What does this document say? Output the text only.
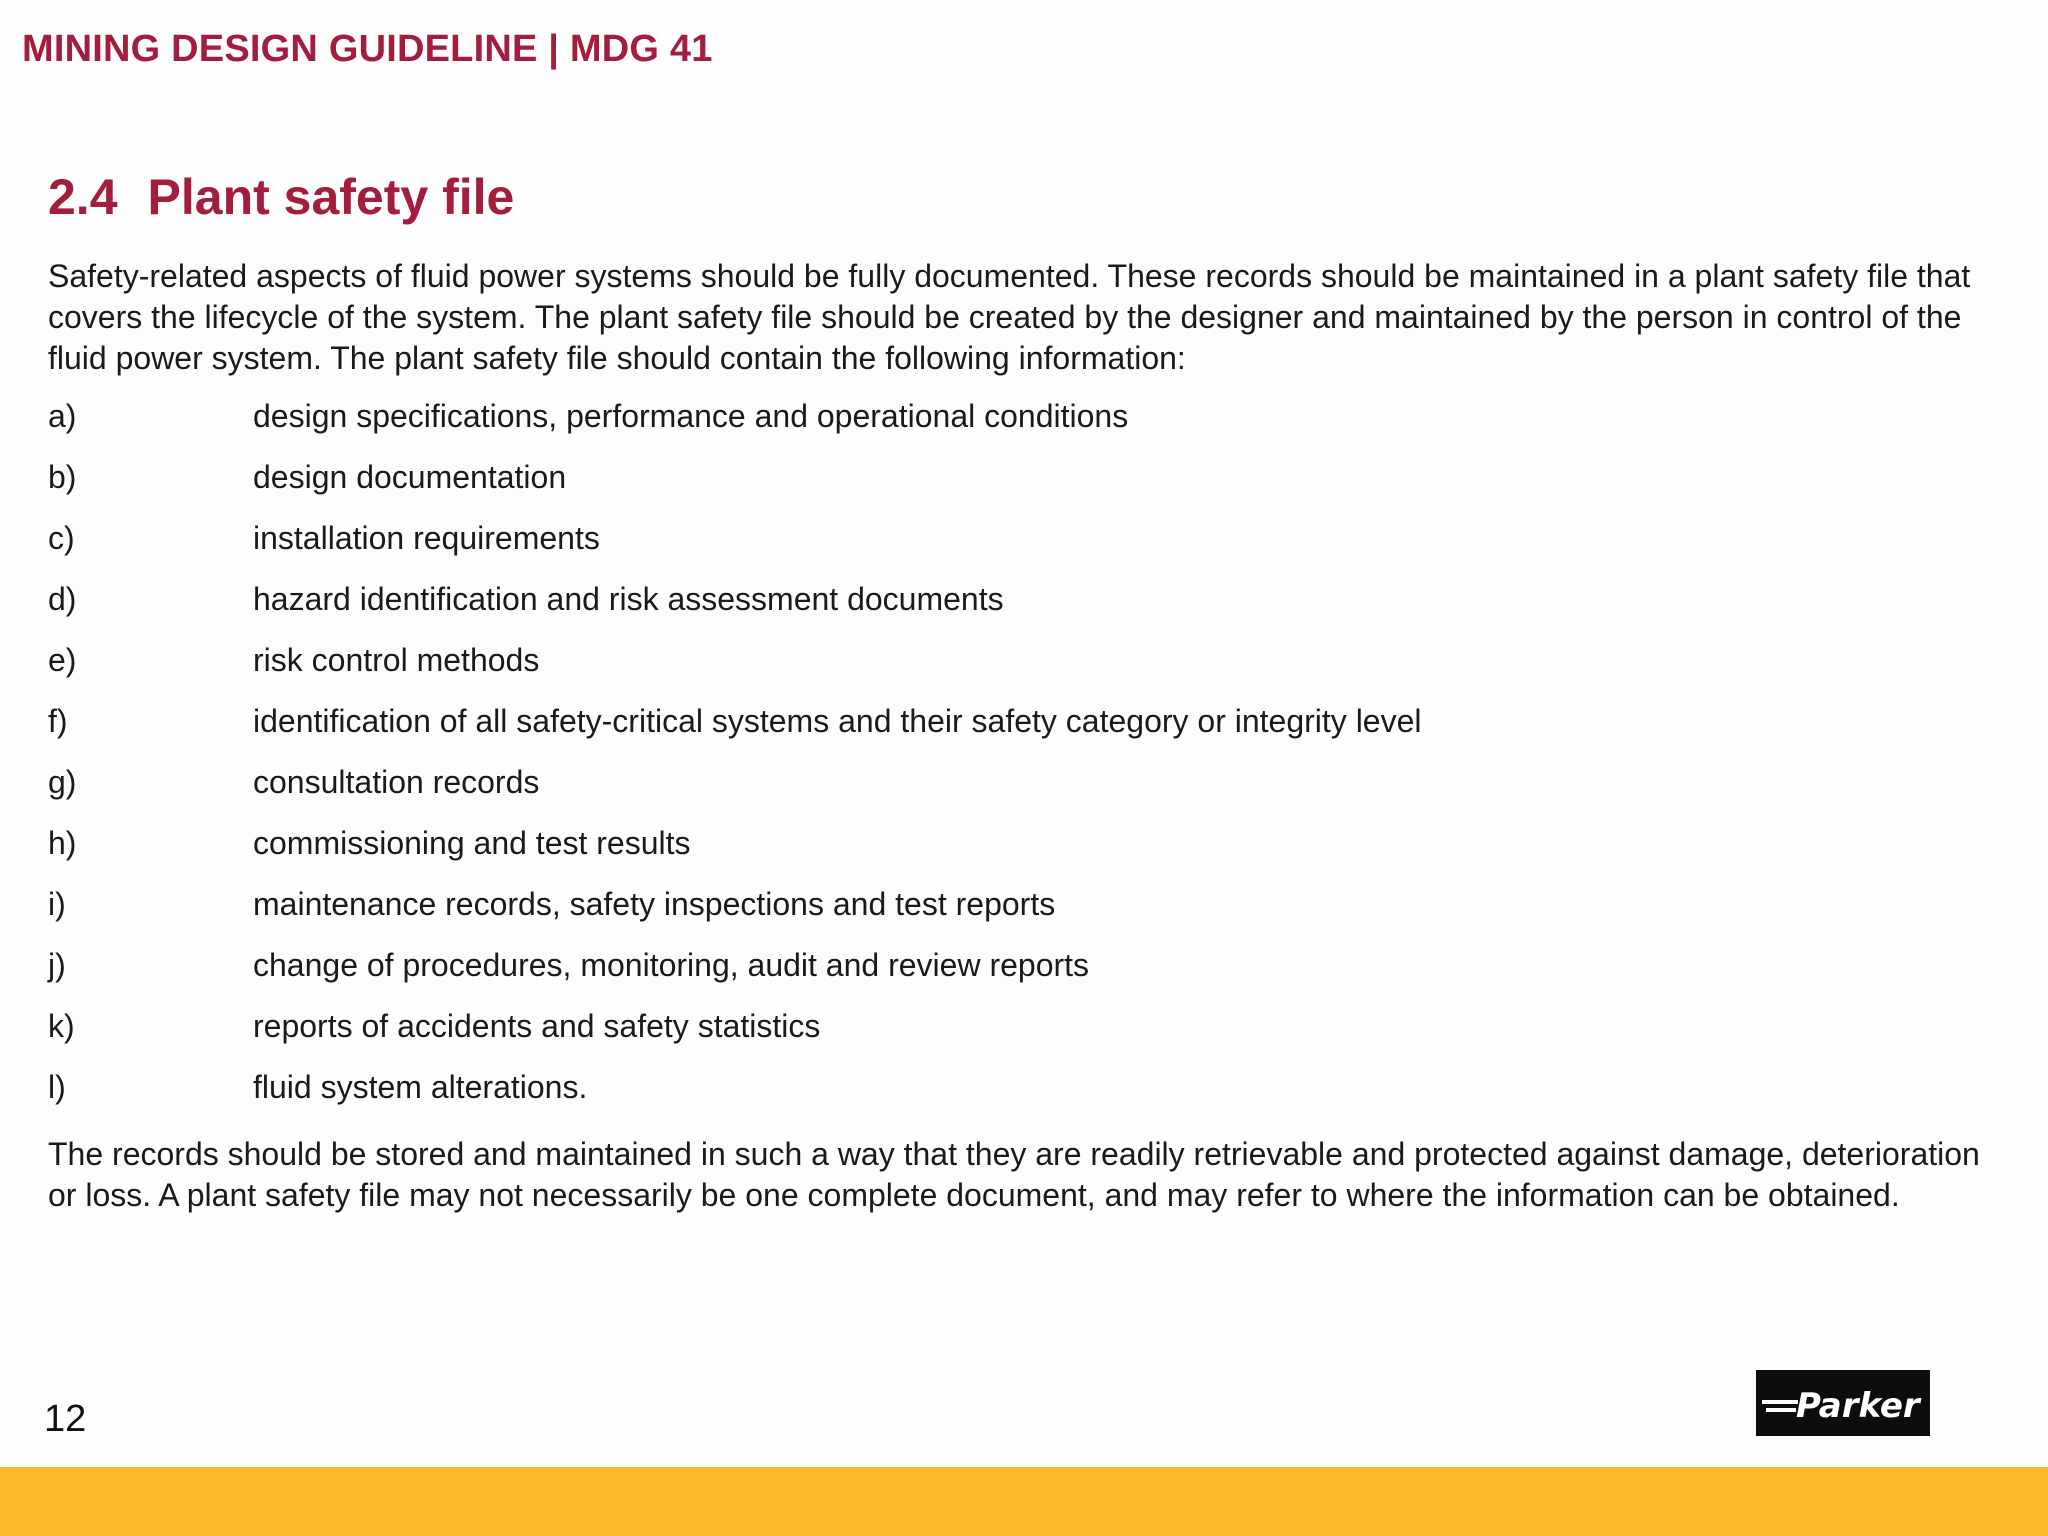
MINING DESIGN GUIDELINE | MDG 41
2.4 Plant safety file

Safety-related aspects of fluid power systems should be fully documented. These records should be maintained in a plant safety file that covers the lifecycle of the system. The plant safety file should be created by the designer and maintained by the person in control of the fluid power system. The plant safety file should contain the following information:

a)	design specifications, performance and operational conditions
b)	design documentation
c)	installation requirements
d)	hazard identification and risk assessment documents
e)	risk control methods
f)	identification of all safety-critical systems and their safety category or integrity level
g)	consultation records
h)	commissioning and test results
i)	maintenance records, safety inspections and test reports
j)	change of procedures, monitoring, audit and review reports
k)	reports of accidents and safety statistics
l)	fluid system alterations.

The records should be stored and maintained in such a way that they are readily retrievable and protected against damage, deterioration or loss. A plant safety file may not necessarily be one complete document, and may refer to where the information can be obtained.

12	Parker
